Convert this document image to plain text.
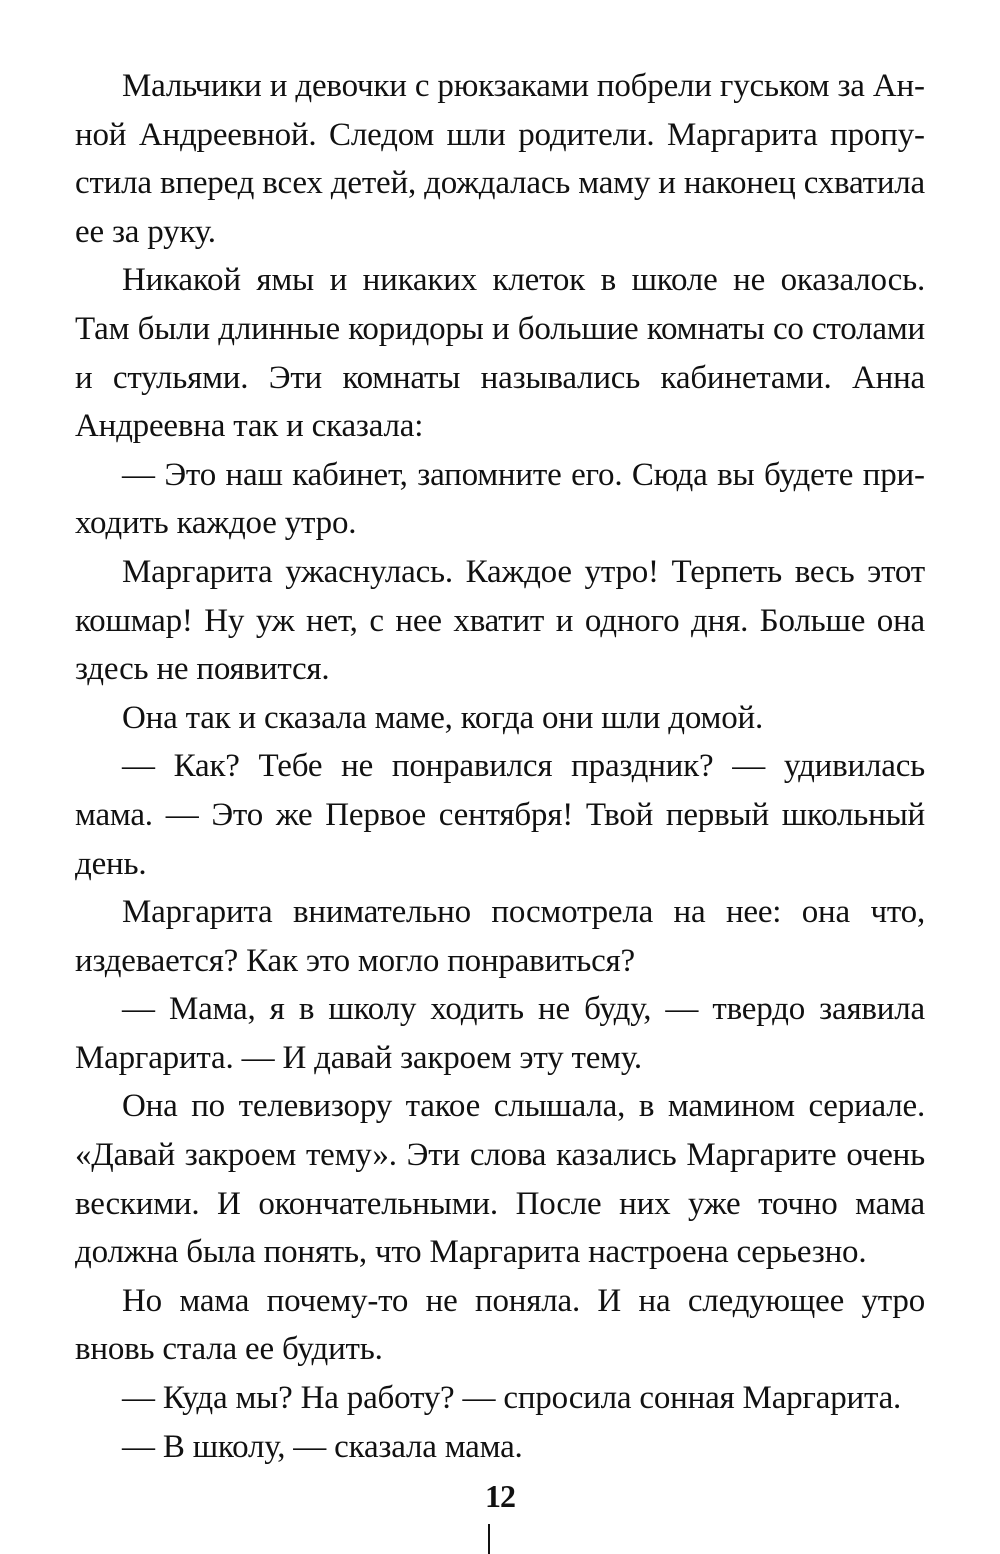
Мальчики и девочки с рюкзаками побрели гуськом за Анной Андреевной. Следом шли родители. Маргарита пропустила вперед всех детей, дождалась маму и наконец схватила ее за руку.

Никакой ямы и никаких клеток в школе не оказалось. Там были длинные коридоры и большие комнаты со столами и стульями. Эти комнаты назывались кабинетами. Анна Андреевна так и сказала:

— Это наш кабинет, запомните его. Сюда вы будете приходить каждое утро.

Маргарита ужаснулась. Каждое утро! Терпеть весь этот кошмар! Ну уж нет, с нее хватит и одного дня. Больше она здесь не появится.

Она так и сказала маме, когда они шли домой.

— Как? Тебе не понравился праздник? — удивилась мама. — Это же Первое сентября! Твой первый школьный день.

Маргарита внимательно посмотрела на нее: она что, издевается? Как это могло понравиться?

— Мама, я в школу ходить не буду, — твердо заявила Маргарита. — И давай закроем эту тему.

Она по телевизору такое слышала, в мамином сериале. «Давай закроем тему». Эти слова казались Маргарите очень вескими. И окончательными. После них уже точно мама должна была понять, что Маргарита настроена серьезно.

Но мама почему-то не поняла. И на следующее утро вновь стала ее будить.

— Куда мы? На работу? — спросила сонная Маргарита.

— В школу, — сказала мама.

12
